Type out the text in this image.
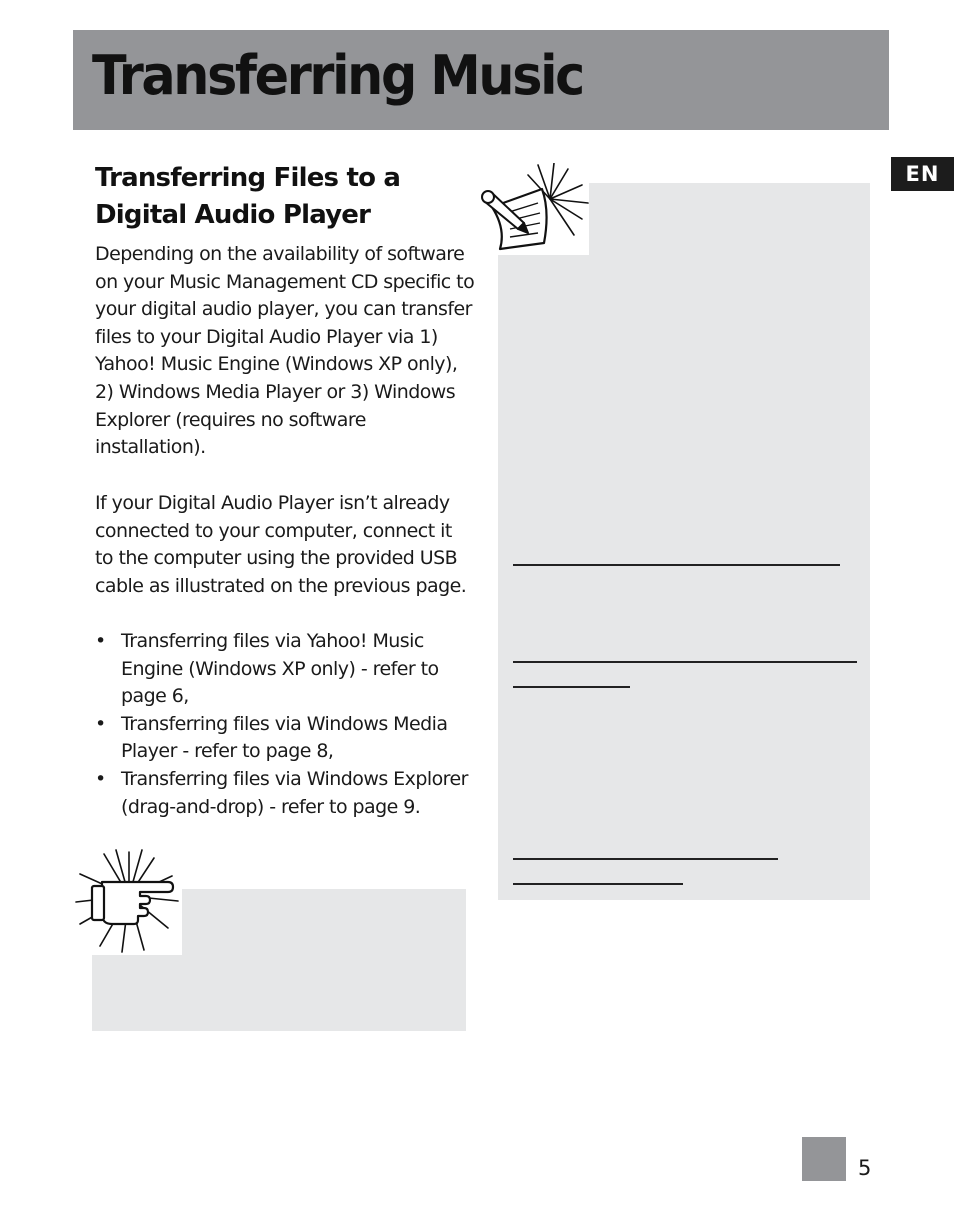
Transferring Music
EN
Transferring Files to a
Digital Audio Player

Depending on the availability of software on your Music Management CD specific to your digital audio player, you can transfer files to your Digital Audio Player via 1) Yahoo! Music Engine (Windows XP only), 2) Windows Media Player or 3) Windows Explorer (requires no software installation).

If your Digital Audio Player isn’t already connected to your computer, connect it to the computer using the provided USB cable as illustrated on the previous page.

• Transferring files via Yahoo! Music Engine (Windows XP only) - refer to page 6,
• Transferring files via Windows Media Player - refer to page 8,
• Transferring files via Windows Explorer (drag-and-drop) - refer to page 9.
5
